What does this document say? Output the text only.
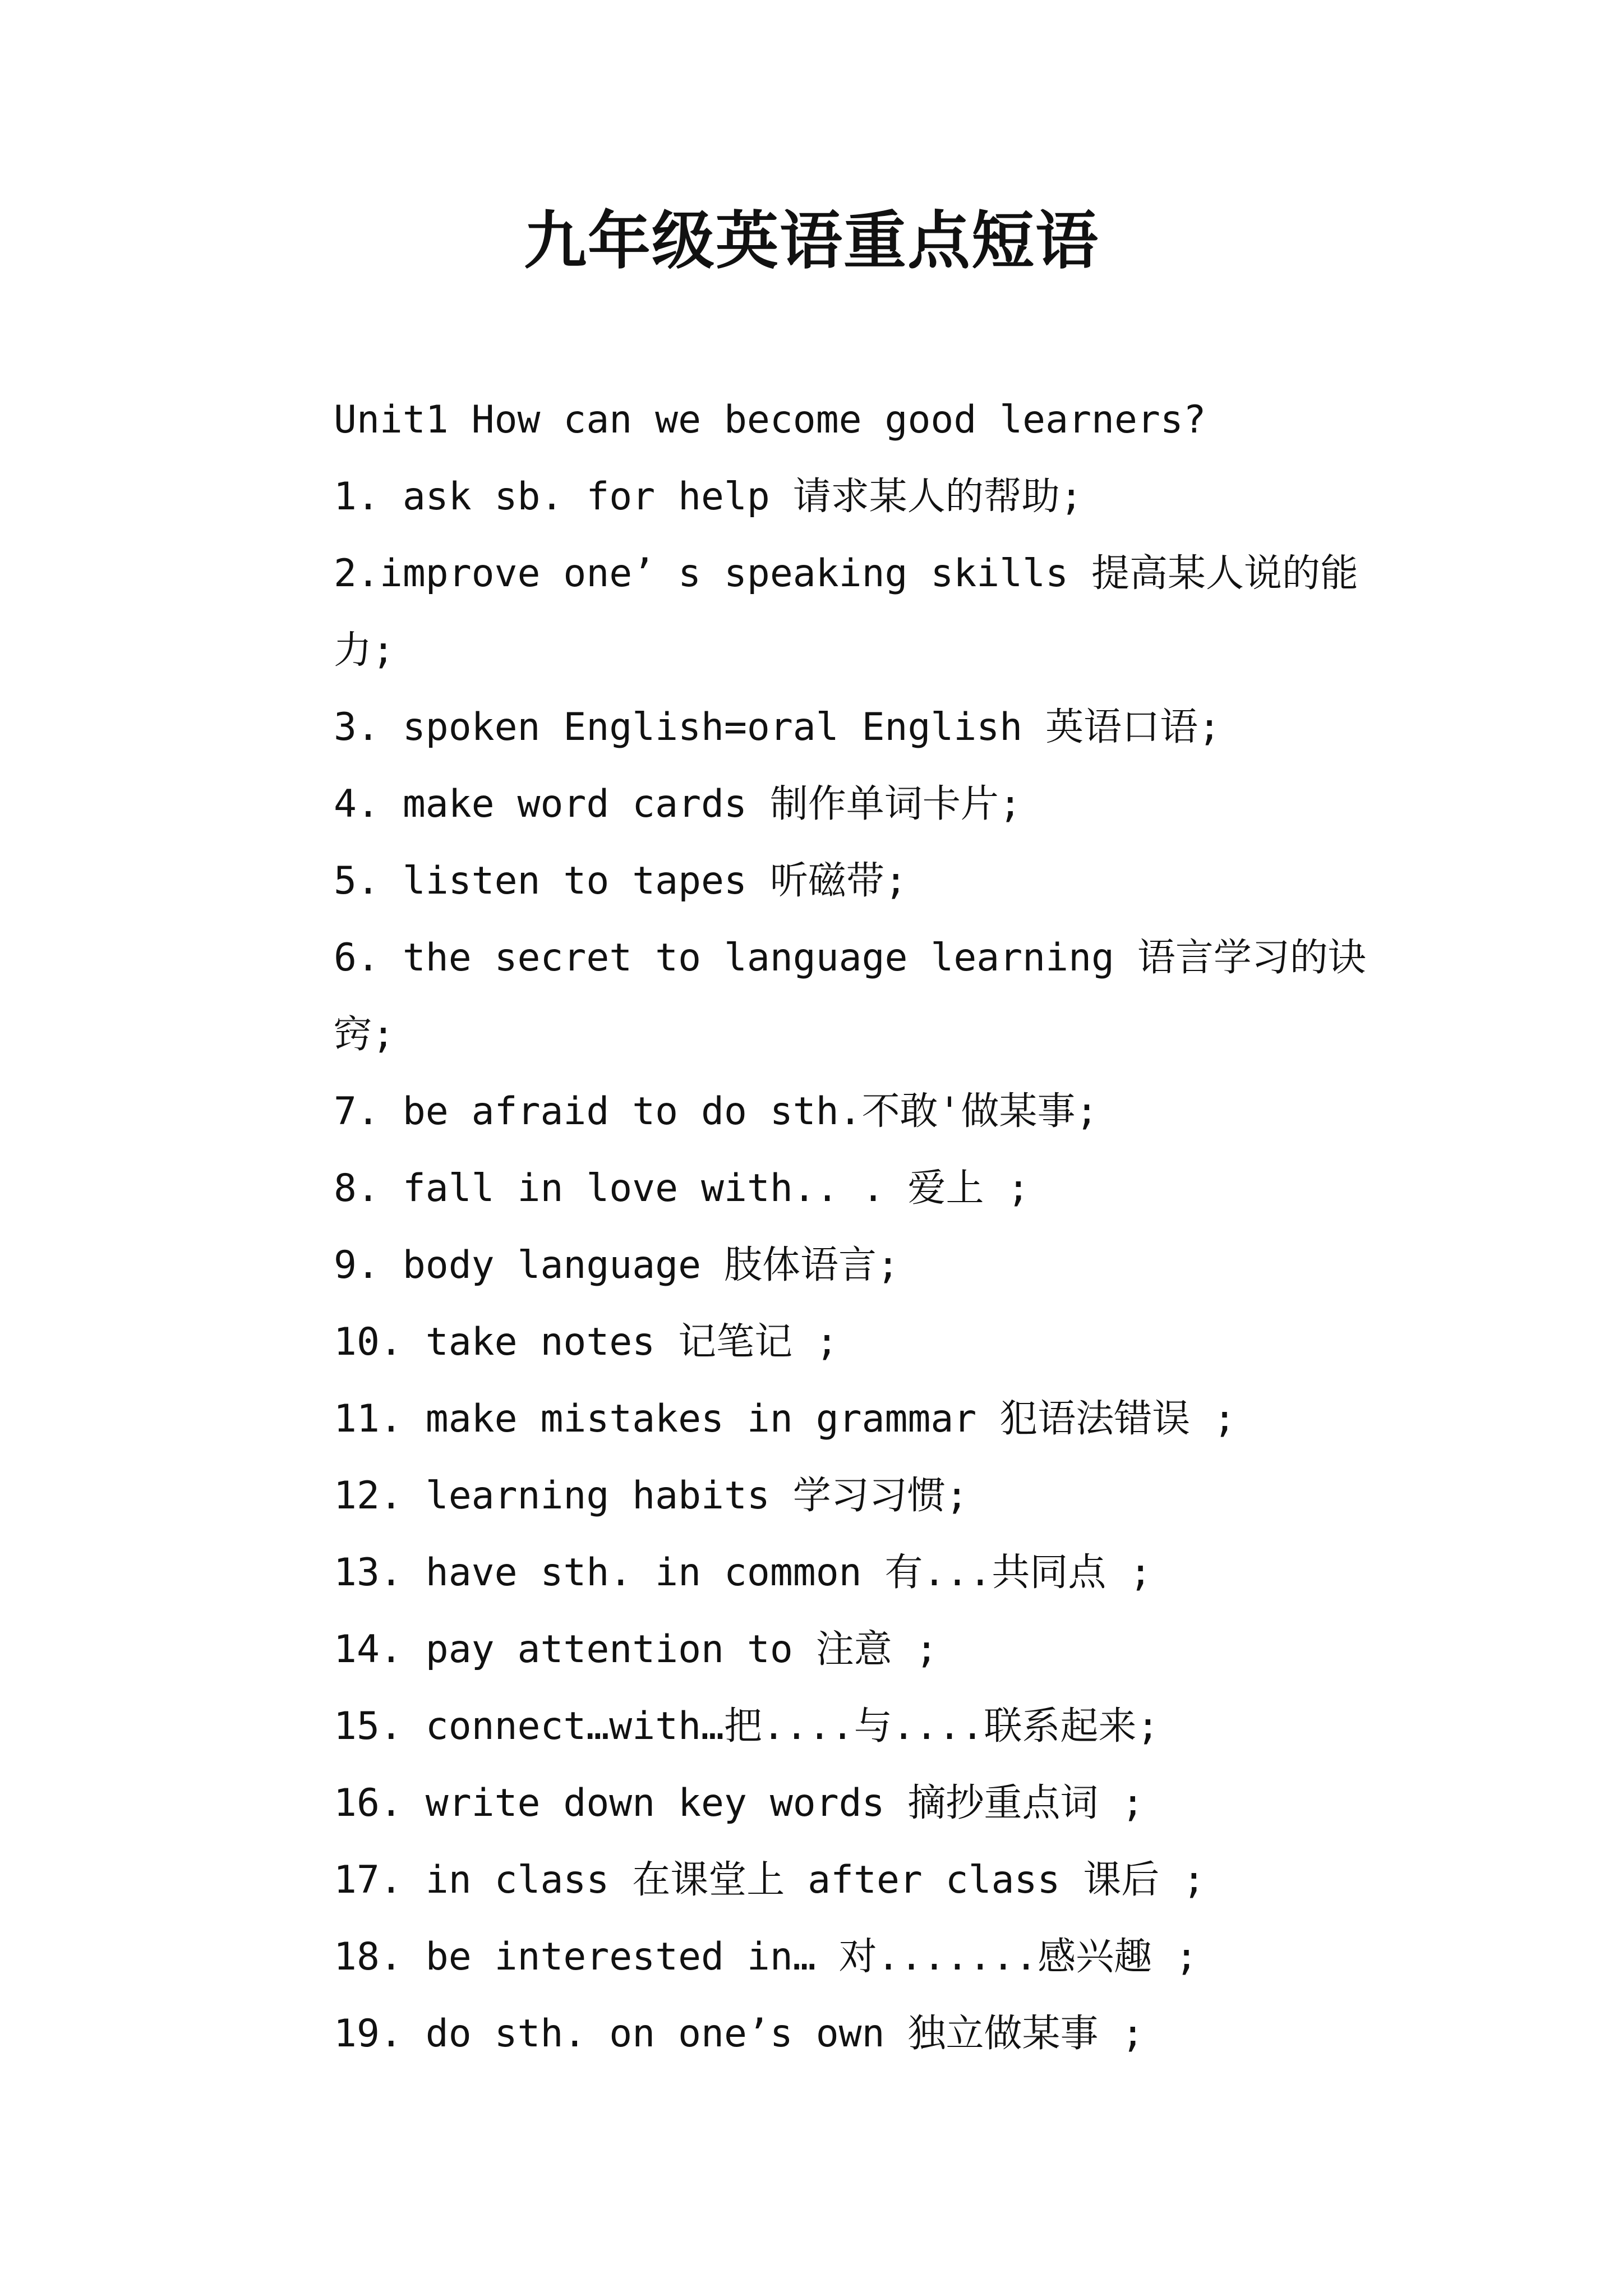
九年级英语重点短语
Unit1 How can we become good learners?
1. ask sb. for help 请求某人的帮助;
2.improve one’ s speaking skills 提高某人说的能力;
3. spoken English=oral English 英语口语;
4. make word cards 制作单词卡片;
5. listen to tapes 听磁带;
6. the secret to language learning 语言学习的诀窍;
7. be afraid to do sth.不敢'做某事;
8. fall in love with.. . 爱上 ;
9. body language 肢体语言;
10. take notes 记笔记 ;
11. make mistakes in grammar 犯语法错误 ;
12. learning habits 学习习惯;
13. have sth. in common 有...共同点 ;
14. pay attention to 注意 ;
15. connect…with…把....与....联系起来;
16. write down key words 摘抄重点词 ;
17. in class 在课堂上 after class 课后 ;
18. be interested in… 对.......感兴趣 ;
19. do sth. on one’s own 独立做某事 ;
